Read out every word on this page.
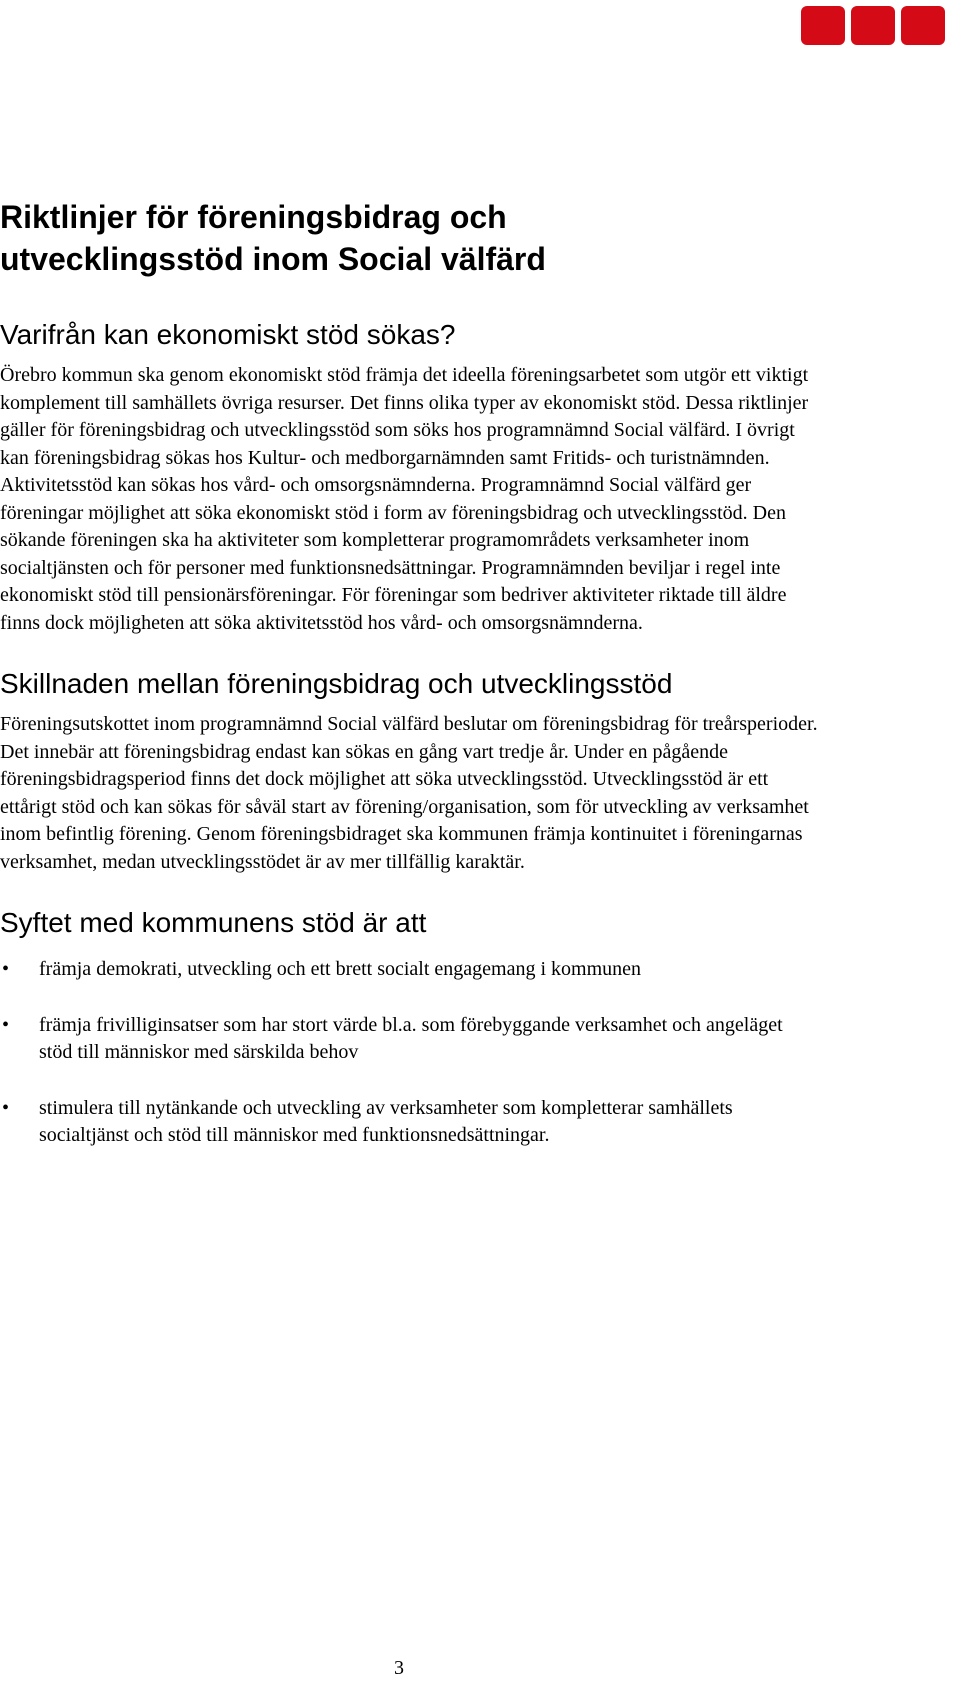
Riktlinjer för föreningsbidrag och
utvecklingsstöd inom Social välfärd
Varifrån kan ekonomiskt stöd sökas?

Örebro kommun ska genom ekonomiskt stöd främja det ideella föreningsarbetet som utgör ett viktigt komplement till samhällets övriga resurser. Det finns olika typer av ekonomiskt stöd. Dessa riktlinjer gäller för föreningsbidrag och utvecklingsstöd som söks hos programnämnd Social välfärd. I övrigt kan föreningsbidrag sökas hos Kultur- och medborgarnämnden samt Fritids- och turistnämnden. Aktivitetsstöd kan sökas hos vård- och omsorgsnämnderna. Programnämnd Social välfärd ger föreningar möjlighet att söka ekonomiskt stöd i form av föreningsbidrag och utvecklingsstöd. Den sökande föreningen ska ha aktiviteter som kompletterar programområdets verksamheter inom socialtjänsten och för personer med funktionsnedsättningar. Programnämnden beviljar i regel inte ekonomiskt stöd till pensionärsföreningar. För föreningar som bedriver aktiviteter riktade till äldre finns dock möjligheten att söka aktivitetsstöd hos vård- och omsorgsnämnderna.

Skillnaden mellan föreningsbidrag och utvecklingsstöd

Föreningsutskottet inom programnämnd Social välfärd beslutar om föreningsbidrag för treårsperioder. Det innebär att föreningsbidrag endast kan sökas en gång vart tredje år. Under en pågående föreningsbidragsperiod finns det dock möjlighet att söka utvecklingsstöd. Utvecklingsstöd är ett ettårigt stöd och kan sökas för såväl start av förening/organisation, som för utveckling av verksamhet inom befintlig förening. Genom föreningsbidraget ska kommunen främja kontinuitet i föreningarnas verksamhet, medan utvecklingsstödet är av mer tillfällig karaktär.

Syftet med kommunens stöd är att
• främja demokrati, utveckling och ett brett socialt engagemang i kommunen
• främja frivilliginsatser som har stort värde bl.a. som förebyggande verksamhet och angeläget stöd till människor med särskilda behov
• stimulera till nytänkande och utveckling av verksamheter som kompletterar samhällets socialtjänst och stöd till människor med funktionsnedsättningar.
3
